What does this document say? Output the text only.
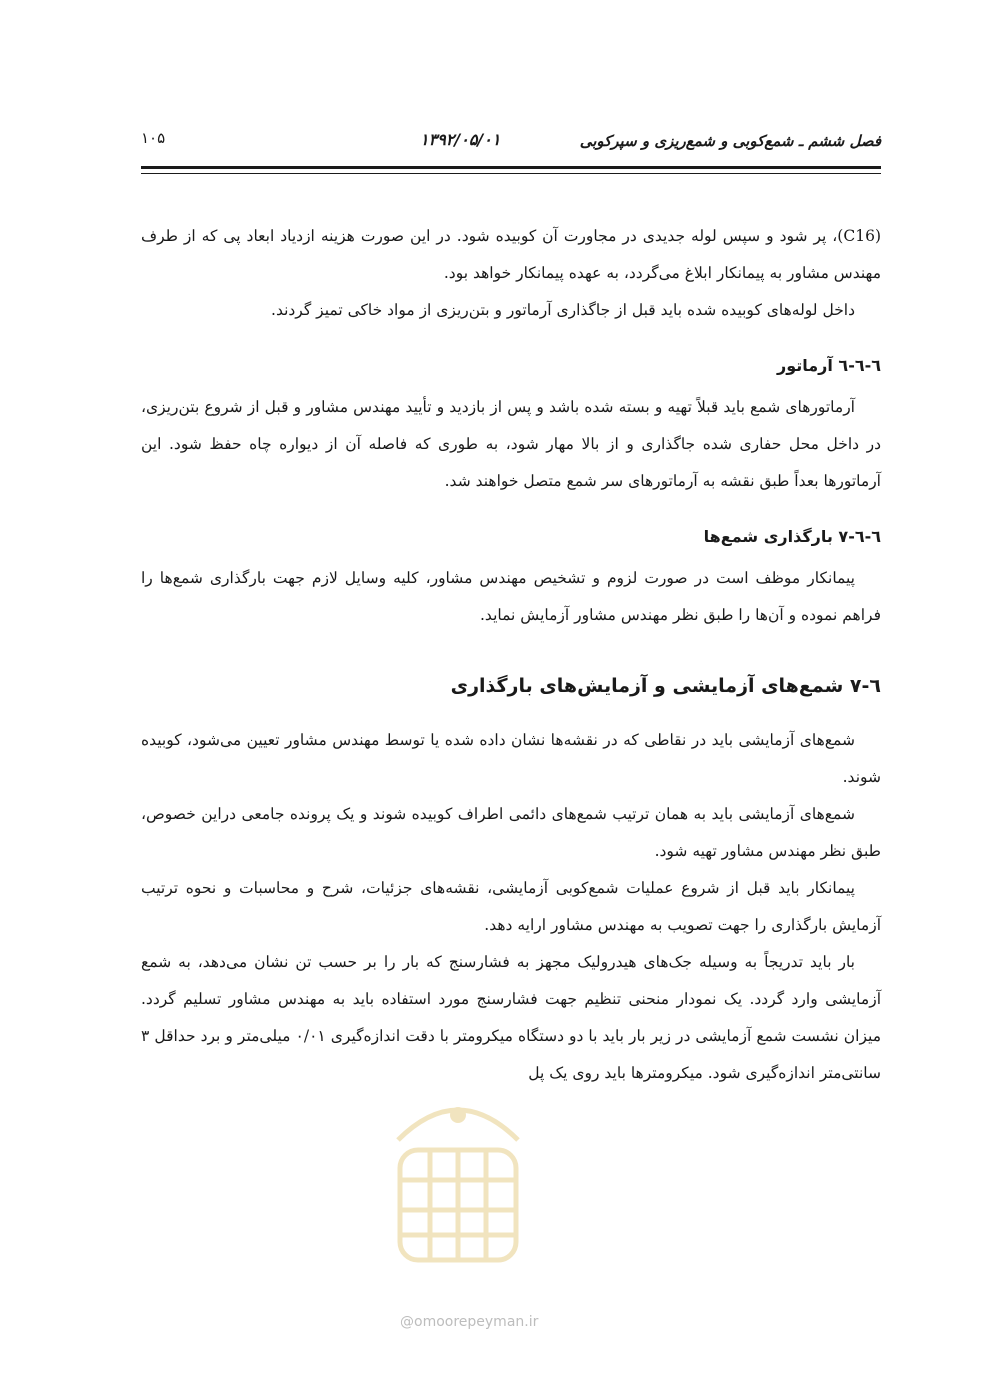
فصل ششم ـ شمع‌کوبی و شمع‌ریزی و سپرکوبی
۱۳۹۲/۰۵/۰۱
۱۰۵

(C16)، پر شود و سپس لوله جدیدی در مجاورت آن کوبیده شود. در این صورت هزینه ازدیاد ابعاد پی که از طرف مهندس مشاور به پیمانکار ابلاغ می‌گردد، به عهده پیمانکار خواهد بود.

داخل لوله‌های کوبیده شده باید قبل از جاگذاری آرماتور و بتن‌ریزی از مواد خاکی تمیز گردند.

٦-٦-٦ آرماتور

آرماتورهای شمع باید قبلاً تهیه و بسته شده باشد و پس از بازدید و تأیید مهندس مشاور و قبل از شروع بتن‌ریزی، در داخل محل حفاری شده جاگذاری و از بالا مهار شود، به طوری که فاصله آن از دیواره چاه حفظ شود. این آرماتورها بعداً طبق نقشه به آرماتورهای سر شمع متصل خواهند شد.

٦-٦-٧ بارگذاری شمع‌ها

پیمانکار موظف است در صورت لزوم و تشخیص مهندس مشاور، کلیه وسایل لازم جهت بارگذاری شمع‌ها را فراهم نموده و آن‌ها را طبق نظر مهندس مشاور آزمایش نماید.

٦-٧ شمع‌های آزمایشی و آزمایش‌های بارگذاری

شمع‌های آزمایشی باید در نقاطی که در نقشه‌ها نشان داده شده یا توسط مهندس مشاور تعیین می‌شود، کوبیده شوند.

شمع‌های آزمایشی باید به همان ترتیب شمع‌های دائمی اطراف کوبیده شوند و یک پرونده جامعی دراین خصوص، طبق نظر مهندس مشاور تهیه شود.

پیمانکار باید قبل از شروع عملیات شمع‌کوبی آزمایشی، نقشه‌های جزئیات، شرح و محاسبات و نحوه ترتیب آزمایش بارگذاری را جهت تصویب به مهندس مشاور ارایه دهد.

بار باید تدریجاً به وسیله جک‌های هیدرولیک مجهز به فشارسنج که بار را بر حسب تن نشان می‌دهد، به شمع آزمایشی وارد گردد. یک نمودار منحنی تنظیم جهت فشارسنج مورد استفاده باید به مهندس مشاور تسلیم گردد. میزان نشست شمع آزمایشی در زیر بار باید با دو دستگاه میکرومتر با دقت اندازه‌گیری ۰/۰۱ میلی‌متر و برد حداقل ۳ سانتی‌متر اندازه‌گیری شود. میکرومترها باید روی یک پل

@omoorepeyman.ir
